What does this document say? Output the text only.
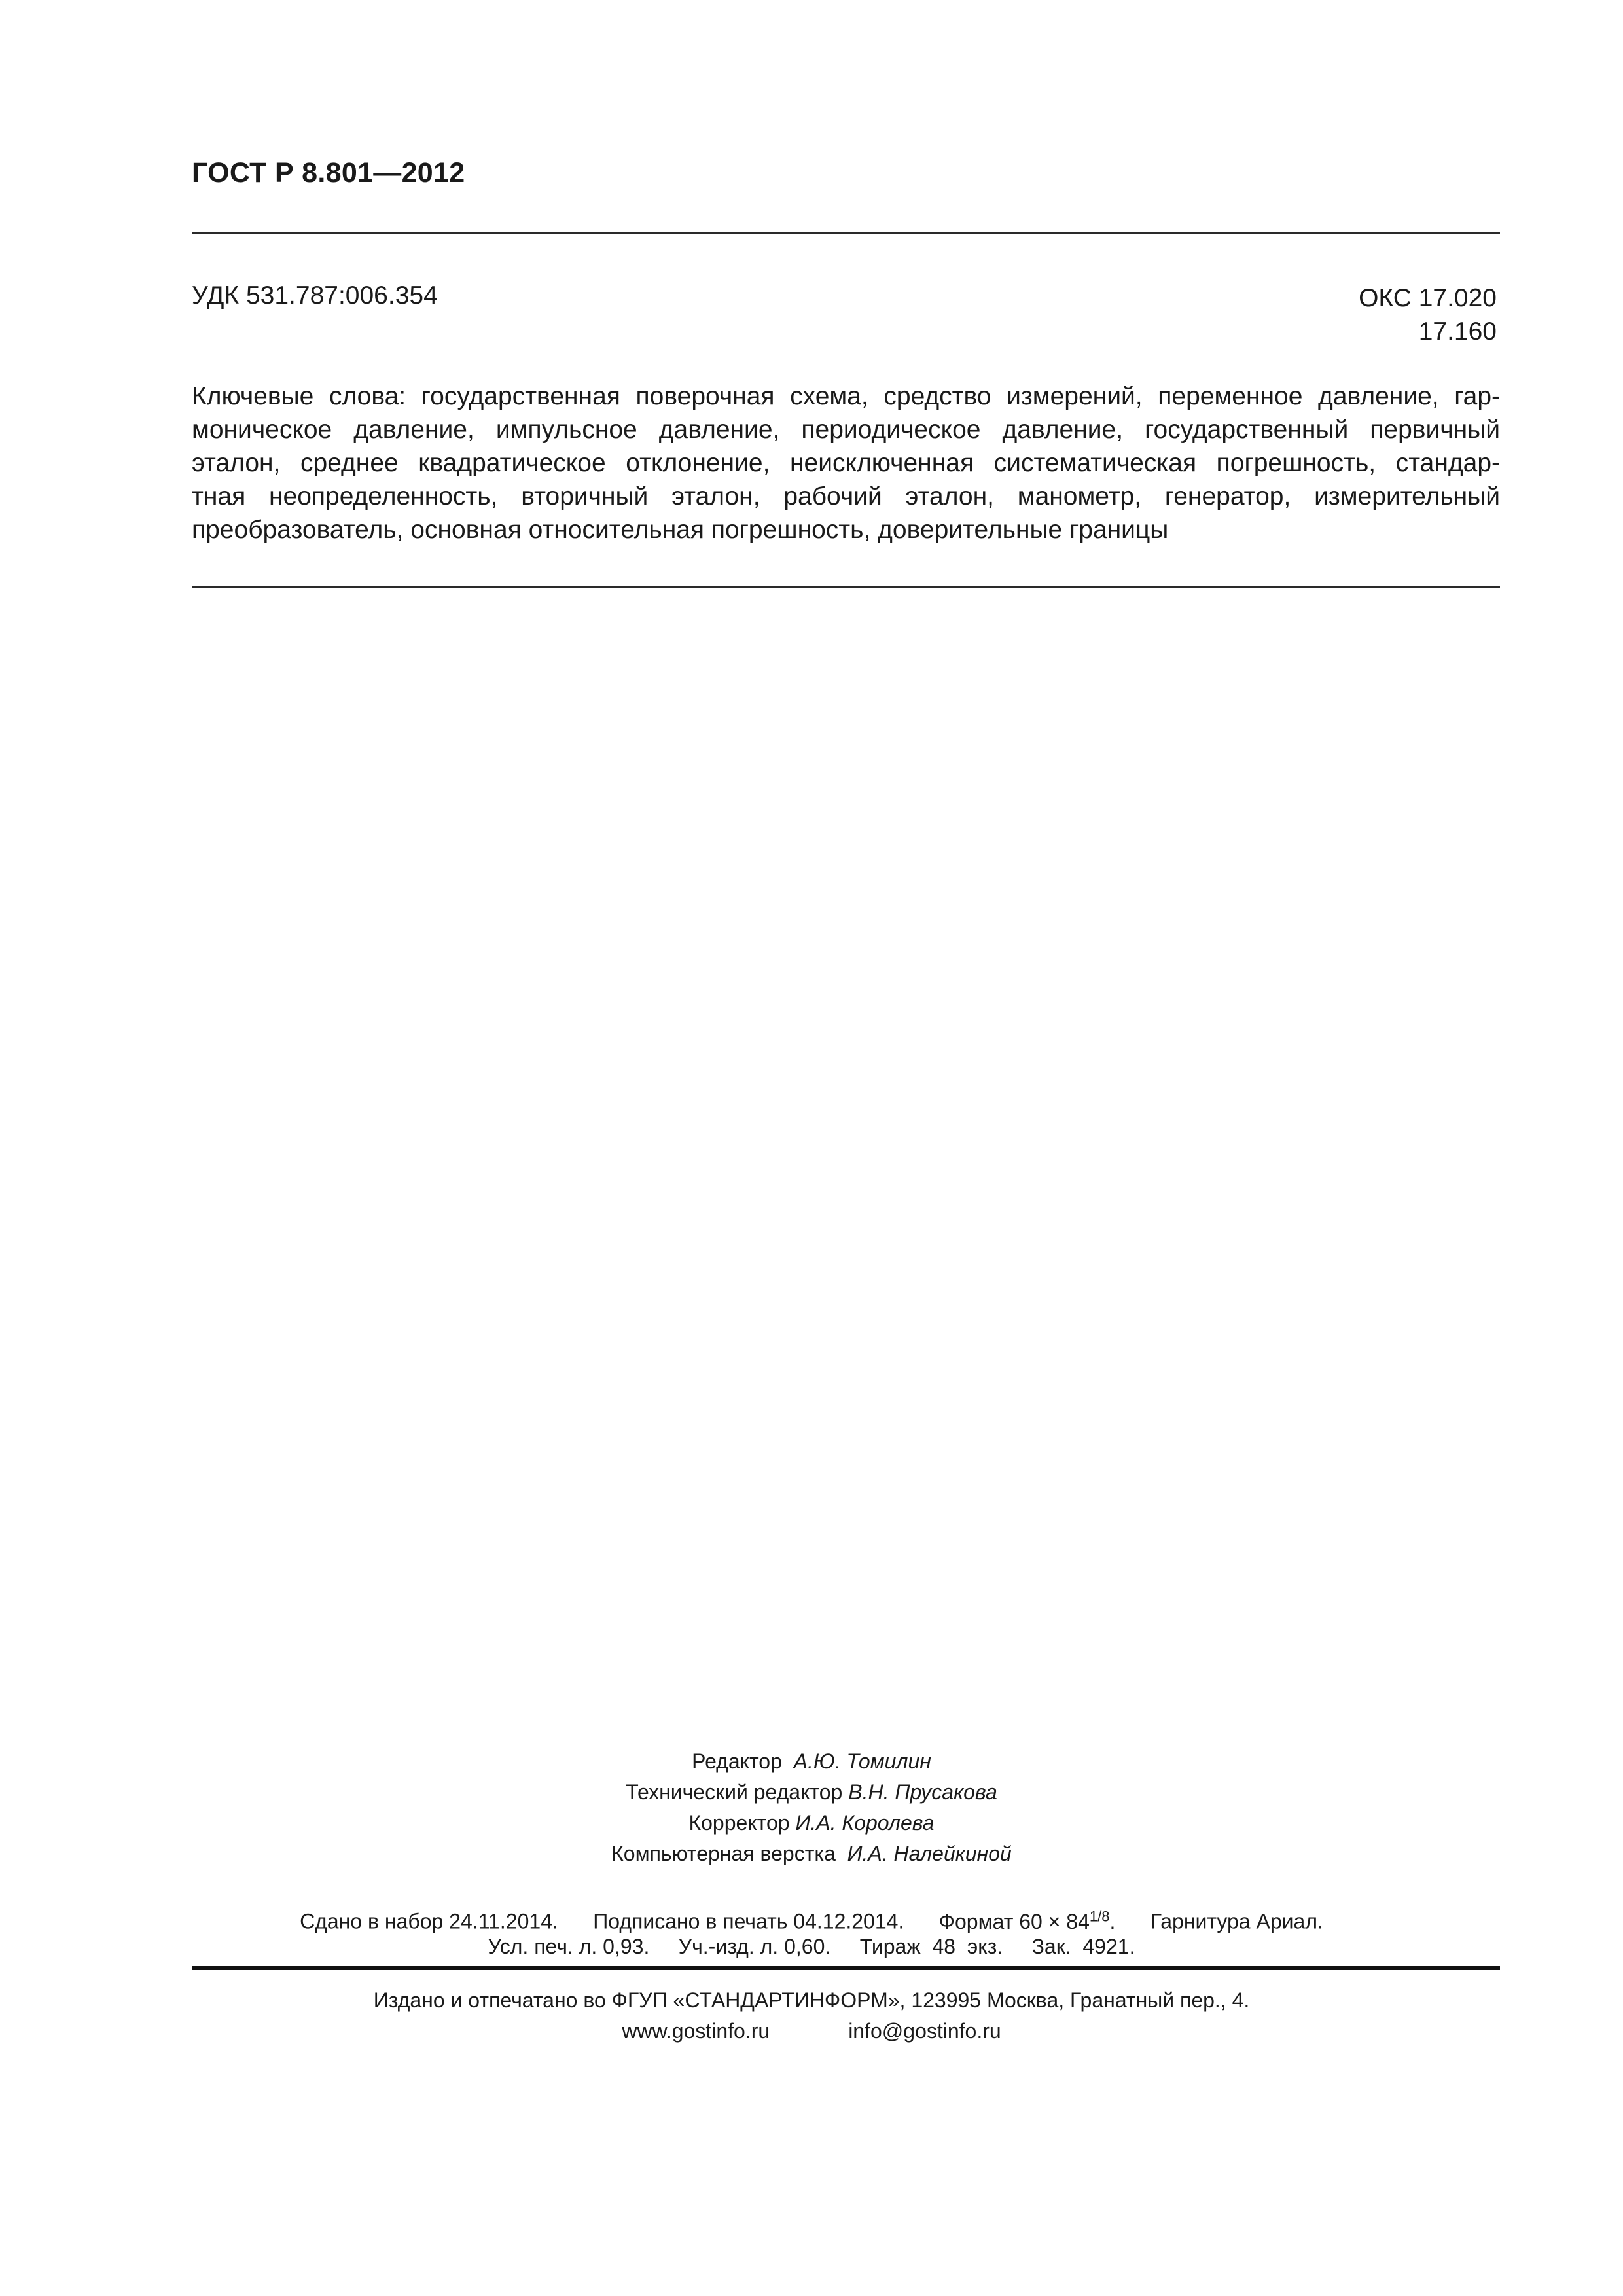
ГОСТ Р 8.801—2012
УДК 531.787:006.354	ОКС 17.020
17.160
Ключевые слова: государственная поверочная схема, средство измерений, переменное давление, гар-
моническое давление, импульсное давление, периодическое давление, государственный первичный
эталон, среднее квадратическое отклонение, неисключенная систематическая погрешность, стандар-
тная неопределенность, вторичный эталон, рабочий эталон, манометр, генератор, измерительный
преобразователь, основная относительная погрешность, доверительные границы
Редактор А.Ю. Томилин
Технический редактор В.Н. Прусакова
Корректор И.А. Королева
Компьютерная верстка И.А. Налейкиной
Сдано в набор 24.11.2014. Подписано в печать 04.12.2014. Формат $60 \times 84^{1/8}$. Гарнитура Ариал.
Усл. печ. л. 0,93. Уч.-изд. л. 0,60. Тираж  48  экз. Зак.  4921.
Издано и отпечатано во ФГУП «СТАНДАРТИНФОРМ», 123995 Москва, Гранатный пер., 4.
www.gostinfo.ru	info@gostinfo.ru
